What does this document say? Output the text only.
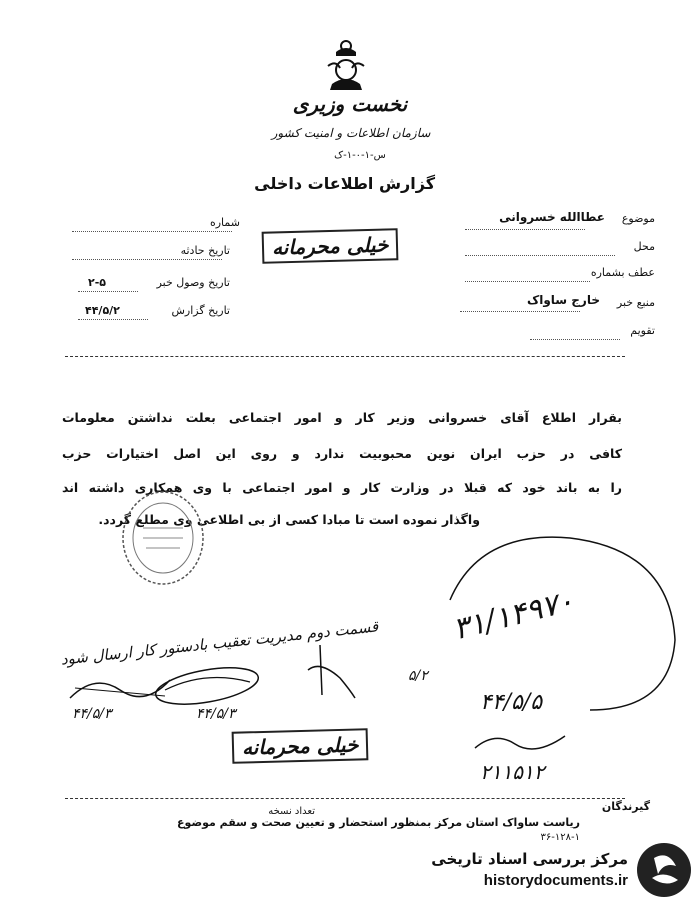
نخست وزیری
سازمان اطلاعات و امنیت کشور
س-۱-۰-۱-ک
گزارش اطلاعات داخلی
موضوع
عطاالله خسروانی
محل
عطف بشماره
منبع خبر
خارج ساواک
تقویم
شماره
تاریخ حادثه
تاریخ وصول خبر
۲-۵
تاریخ گزارش
۴۴/۵/۲
خیلی محرمانه
بقرار اطلاع آقای خسروانی وزیر کار و امور اجتماعی بعلت نداشتن معلومات
کافی در حزب ایران نوین محبوبیت ندارد و روی این اصل اختیارات حزب
را به باند خود که قبلا در وزارت کار و امور اجتماعی با وی همکاری داشته اند
واگذار نموده است تا مبادا کسی از بی اطلاعی وی مطلع گردد.
۳۱/۱۴۹۷۰
قسمت دوم مدیریت تعقیب بادستور کار ارسال شود
۴۴/۵/۳	۴۴/۵/۳
۵/۲
۴۴/۵/۵
۲۱۱۵۱۲
خیلی محرمانه
گیرندگان
تعداد نسخه
ریاست ساواک استان مرکز بمنظور استحضار و تعیین صحت و سقم موضوع
۳۶-۱۲۸-۱
مرکز بررسی اسناد تاریخی
historydocuments.ir
